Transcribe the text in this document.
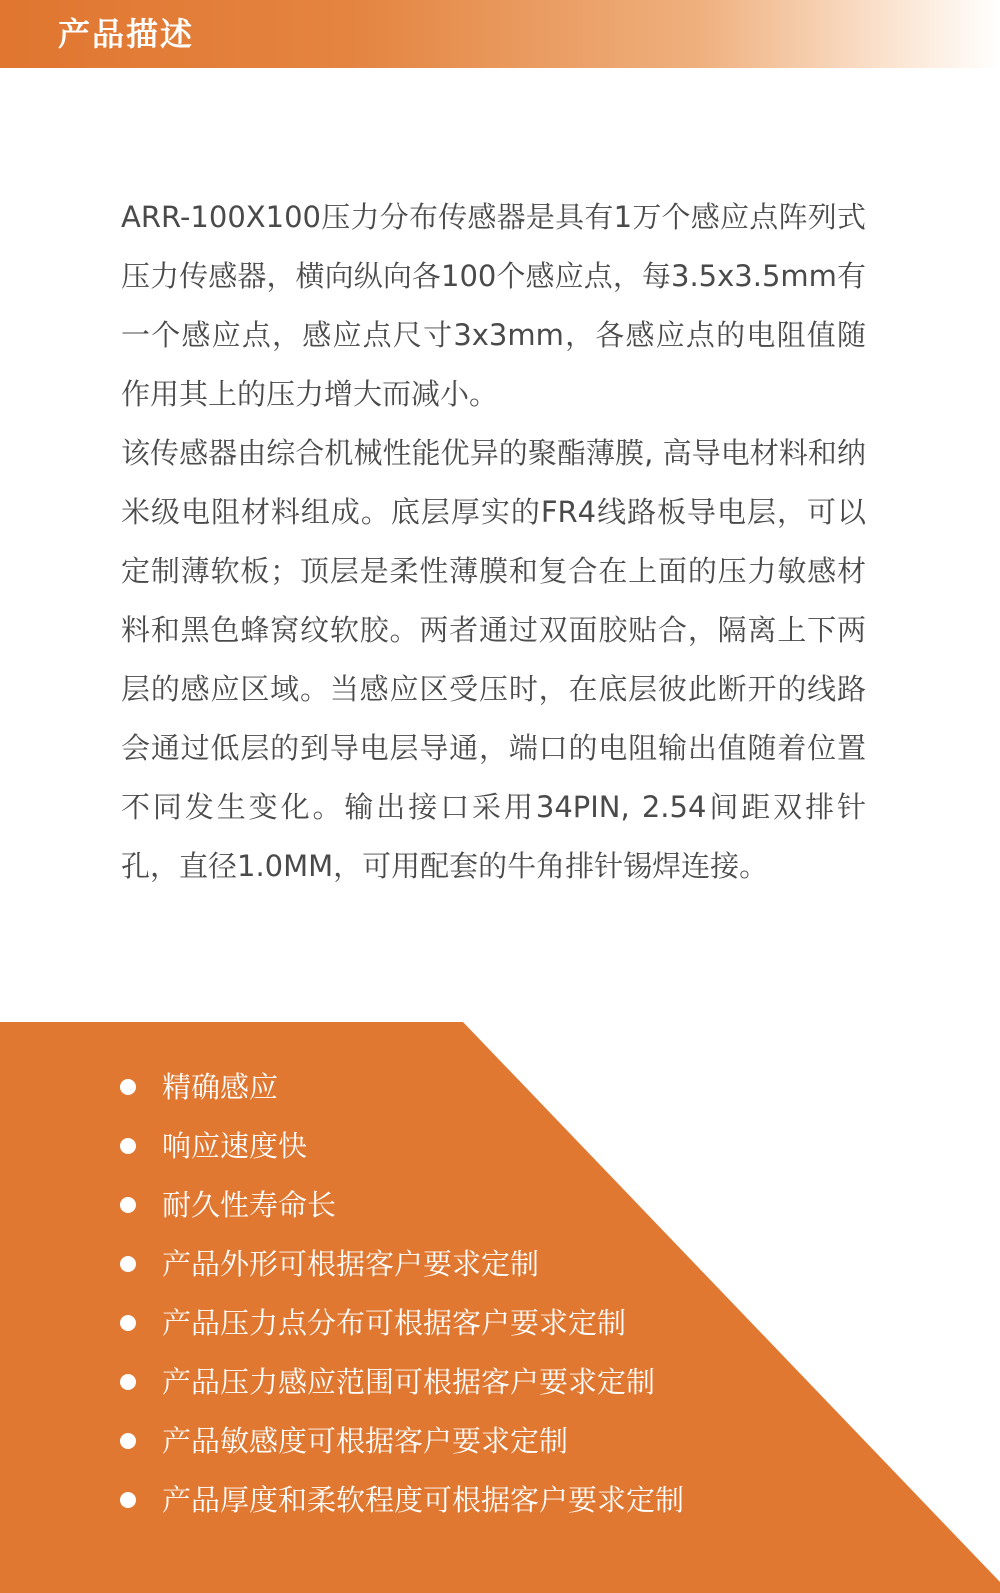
产品描述

ARR-100X100压力分布传感器是具有1万个感应点阵列式压力传感器，横向纵向各100个感应点，每3.5x3.5mm有一个感应点，感应点尺寸3x3mm，各感应点的电阻值随作用其上的压力增大而减小。

该传感器由综合机械性能优异的聚酯薄膜, 高导电材料和纳米级电阻材料组成。底层厚实的FR4线路板导电层，可以定制薄软板；顶层是柔性薄膜和复合在上面的压力敏感材料和黑色蜂窝纹软胶。两者通过双面胶贴合，隔离上下两层的感应区域。当感应区受压时，在底层彼此断开的线路会通过低层的到导电层导通，端口的电阻输出值随着位置不同发生变化。输出接口采用34PIN, 2.54间距双排针孔，直径1.0MM，可用配套的牛角排针锡焊连接。

精确感应
响应速度快
耐久性寿命长
产品外形可根据客户要求定制
产品压力点分布可根据客户要求定制
产品压力感应范围可根据客户要求定制
产品敏感度可根据客户要求定制
产品厚度和柔软程度可根据客户要求定制
